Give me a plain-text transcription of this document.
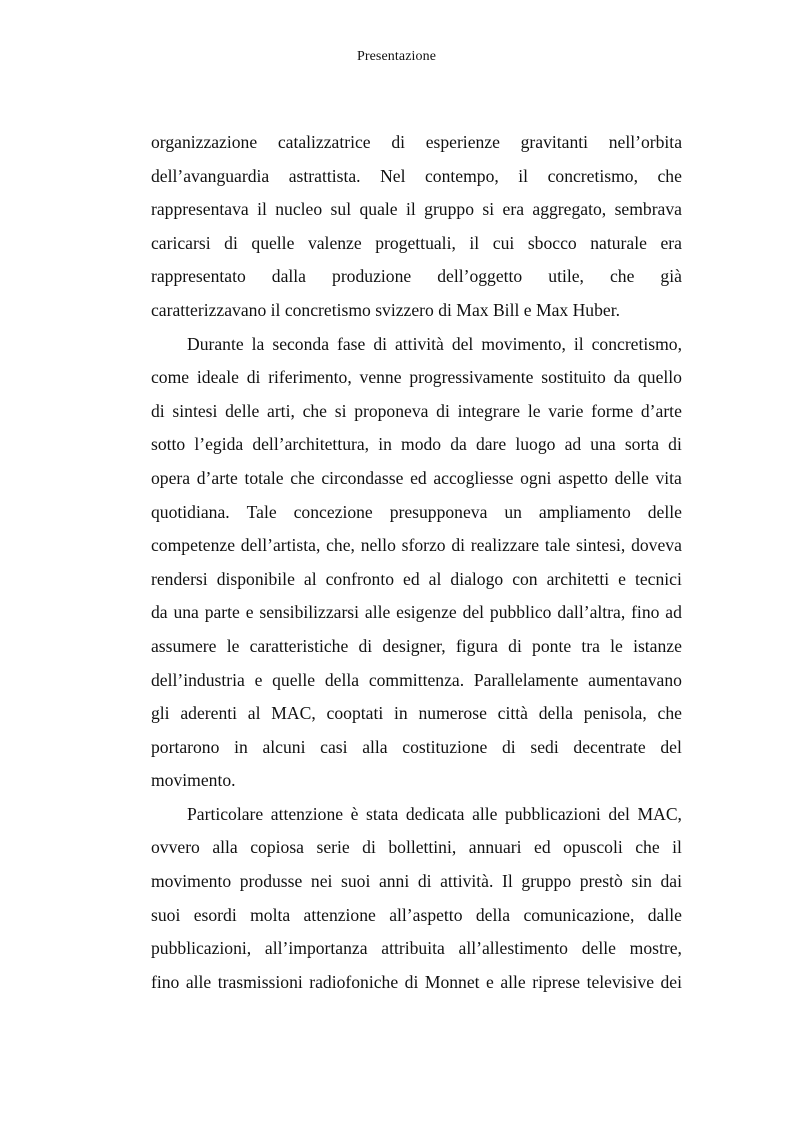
Presentazione
organizzazione catalizzatrice di esperienze gravitanti nell’orbita
dell’avanguardia astrattista. Nel contempo, il concretismo, che
rappresentava il nucleo sul quale il gruppo si era aggregato, sembrava
caricarsi di quelle valenze progettuali, il cui sbocco naturale era
rappresentato dalla produzione dell’oggetto utile, che già
caratterizzavano il concretismo svizzero di Max Bill e Max Huber.
Durante la seconda fase di attività del movimento, il concretismo,
come ideale di riferimento, venne progressivamente sostituito da quello
di sintesi delle arti, che si proponeva di integrare le varie forme d’arte
sotto l’egida dell’architettura, in modo da dare luogo ad una sorta di
opera d’arte totale che circondasse ed accogliesse ogni aspetto delle vita
quotidiana. Tale concezione presupponeva un ampliamento delle
competenze dell’artista, che, nello sforzo di realizzare tale sintesi, doveva
rendersi disponibile al confronto ed al dialogo con architetti e tecnici
da una parte e sensibilizzarsi alle esigenze del pubblico dall’altra, fino ad
assumere le caratteristiche di designer, figura di ponte tra le istanze
dell’industria e quelle della committenza. Parallelamente aumentavano
gli aderenti al MAC, cooptati in numerose città della penisola, che
portarono in alcuni casi alla costituzione di sedi decentrate del
movimento.
Particolare attenzione è stata dedicata alle pubblicazioni del MAC,
ovvero alla copiosa serie di bollettini, annuari ed opuscoli che il
movimento produsse nei suoi anni di attività. Il gruppo prestò sin dai
suoi esordi molta attenzione all’aspetto della comunicazione, dalle
pubblicazioni, all’importanza attribuita all’allestimento delle mostre,
fino alle trasmissioni radiofoniche di Monnet e alle riprese televisive dei
